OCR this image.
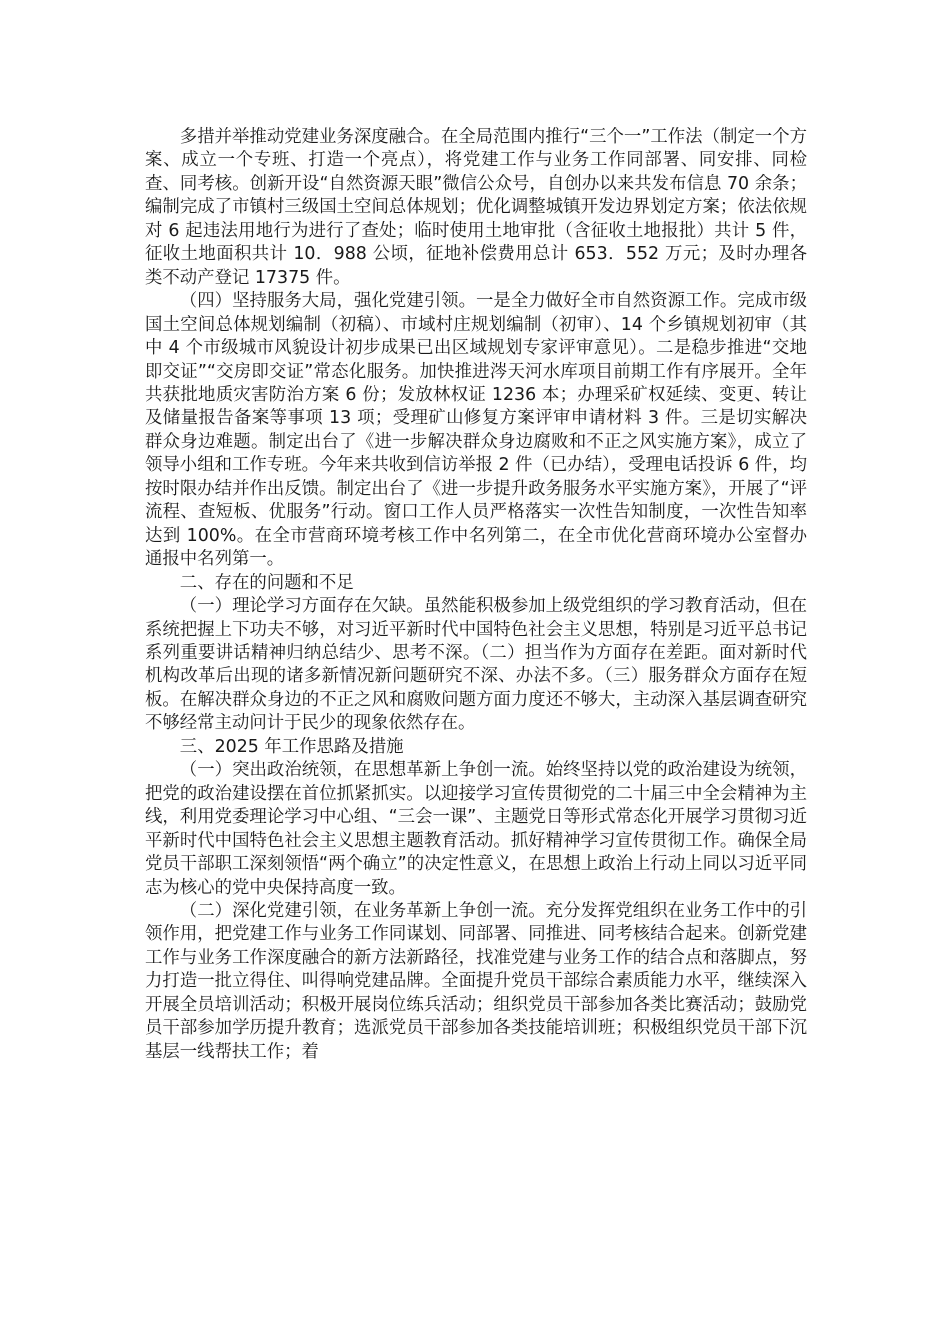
多措并举推动党建业务深度融合。在全局范围内推行“三个一”工作法（制定一个方案、成立一个专班、打造一个亮点），将党建工作与业务工作同部署、同安排、同检查、同考核。创新开设“自然资源天眼”微信公众号，自创办以来共发布信息 70 余条；编制完成了市镇村三级国土空间总体规划；优化调整城镇开发边界划定方案；依法依规对 6 起违法用地行为进行了查处；临时使用土地审批（含征收土地报批）共计 5 件，征收土地面积共计 10．988 公顷，征地补偿费用总计 653．552 万元；及时办理各类不动产登记 17375 件。

（四）坚持服务大局，强化党建引领。一是全力做好全市自然资源工作。完成市级国土空间总体规划编制（初稿）、市域村庄规划编制（初审）、14 个乡镇规划初审（其中 4 个市级城市风貌设计初步成果已出区域规划专家评审意见）。二是稳步推进“交地即交证”“交房即交证”常态化服务。加快推进涔天河水库项目前期工作有序展开。全年共获批地质灾害防治方案 6 份；发放林权证 1236 本；办理采矿权延续、变更、转让及储量报告备案等事项 13 项；受理矿山修复方案评审申请材料 3 件。三是切实解决群众身边难题。制定出台了《进一步解决群众身边腐败和不正之风实施方案》，成立了领导小组和工作专班。今年来共收到信访举报 2 件（已办结），受理电话投诉 6 件，均按时限办结并作出反馈。制定出台了《进一步提升政务服务水平实施方案》，开展了“评流程、查短板、优服务”行动。窗口工作人员严格落实一次性告知制度，一次性告知率达到 100%。在全市营商环境考核工作中名列第二，在全市优化营商环境办公室督办通报中名列第一。

二、存在的问题和不足

（一）理论学习方面存在欠缺。虽然能积极参加上级党组织的学习教育活动，但在系统把握上下功夫不够，对习近平新时代中国特色社会主义思想，特别是习近平总书记系列重要讲话精神归纳总结少、思考不深。（二）担当作为方面存在差距。面对新时代机构改革后出现的诸多新情况新问题研究不深、办法不多。（三）服务群众方面存在短板。在解决群众身边的不正之风和腐败问题方面力度还不够大，主动深入基层调查研究不够经常主动问计于民少的现象依然存在。

三、2025 年工作思路及措施

（一）突出政治统领，在思想革新上争创一流。始终坚持以党的政治建设为统领，把党的政治建设摆在首位抓紧抓实。以迎接学习宣传贯彻党的二十届三中全会精神为主线，利用党委理论学习中心组、“三会一课”、主题党日等形式常态化开展学习贯彻习近平新时代中国特色社会主义思想主题教育活动。抓好精神学习宣传贯彻工作。确保全局党员干部职工深刻领悟“两个确立”的决定性意义，在思想上政治上行动上同以习近平同志为核心的党中央保持高度一致。

（二）深化党建引领，在业务革新上争创一流。充分发挥党组织在业务工作中的引领作用，把党建工作与业务工作同谋划、同部署、同推进、同考核结合起来。创新党建工作与业务工作深度融合的新方法新路径，找准党建与业务工作的结合点和落脚点，努力打造一批立得住、叫得响党建品牌。全面提升党员干部综合素质能力水平，继续深入开展全员培训活动；积极开展岗位练兵活动；组织党员干部参加各类比赛活动；鼓励党员干部参加学历提升教育；选派党员干部参加各类技能培训班；积极组织党员干部下沉基层一线帮扶工作；着
